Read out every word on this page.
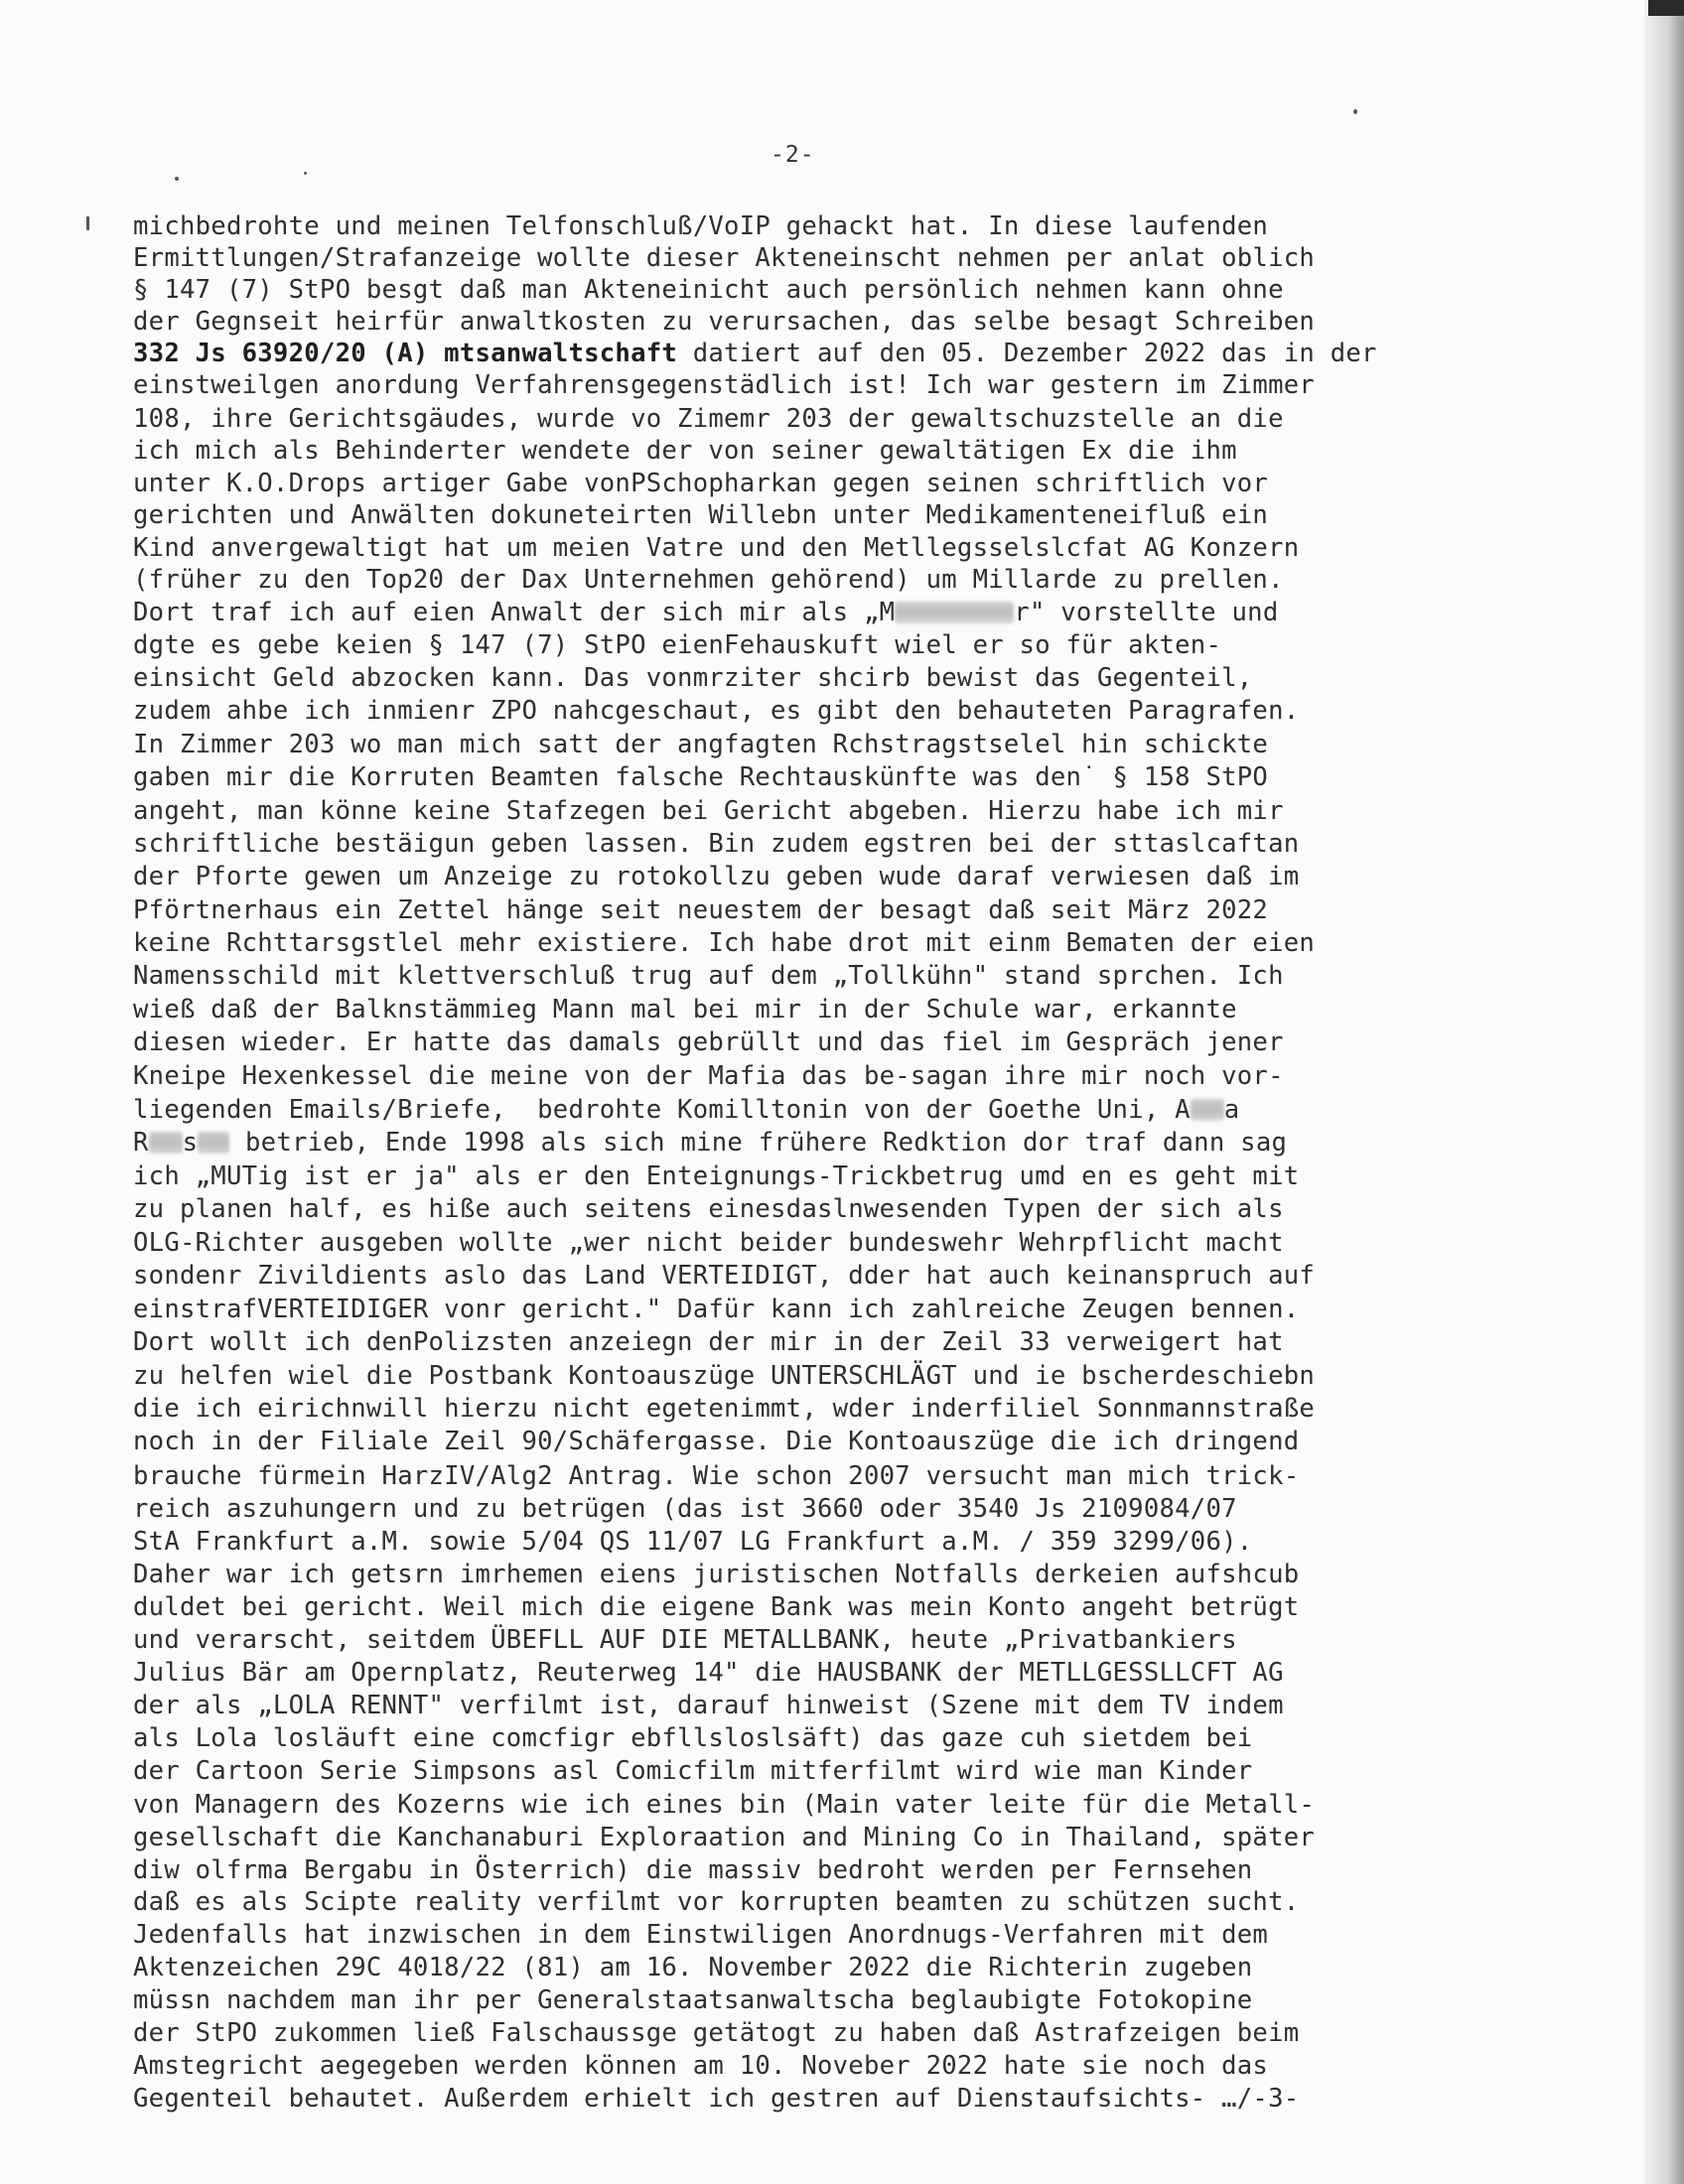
-2-
michbedrohte und meinen Telfonschluß/VoIP gehackt hat. In diese laufenden
Ermittlungen/Strafanzeige wollte dieser Akteneinscht nehmen per anlat oblich
§ 147 (7) StPO besgt daß man Akteneinicht auch persönlich nehmen kann ohne
der Gegnseit heirfür anwaltkosten zu verursachen, das selbe besagt Schreiben
332 Js 63920/20 (A) mtsanwaltschaft datiert auf den 05. Dezember 2022 das in der
einstweilgen anordung Verfahrensgegenstädlich ist! Ich war gestern im Zimmer
108, ihre Gerichtsgäudes, wurde vo Zimemr 203 der gewaltschuzstelle an die
ich mich als Behinderter wendete der von seiner gewaltätigen Ex die ihm
unter K.O.Drops artiger Gabe vonPSchopharkan gegen seinen schriftlich vor
gerichten und Anwälten dokuneteirten Willebn unter Medikamenteneifluß ein
Kind anvergewaltigt hat um meien Vatre und den Metllegsselslcfat AG Konzern
(früher zu den Top20 der Dax Unternehmen gehörend) um Millarde zu prellen.
Dort traf ich auf eien Anwalt der sich mir als „M	r" vorstellte und
dgte es gebe keien § 147 (7) StPO eienFehauskuft wiel er so für akten-
einsicht Geld abzocken kann. Das vonmrziter shcirb bewist das Gegenteil,
zudem ahbe ich inmienr ZPO nahcgeschaut, es gibt den behauteten Paragrafen.
In Zimmer 203 wo man mich satt der angfagten Rchstragstselel hin schickte
gaben mir die Korruten Beamten falsche Rechtauskünfte was den˙ § 158 StPO
angeht, man könne keine Stafzegen bei Gericht abgeben. Hierzu habe ich mir
schriftliche bestäigun geben lassen. Bin zudem egstren bei der sttaslcaftan
der Pforte gewen um Anzeige zu rotokollzu geben wude daraf verwiesen daß im
Pförtnerhaus ein Zettel hänge seit neuestem der besagt daß seit März 2022
keine Rchttarsgstlel mehr existiere. Ich habe drot mit einm Bematen der eien
Namensschild mit klettverschluß trug auf dem „Tollkühn" stand sprchen. Ich
wieß daß der Balknstämmieg Mann mal bei mir in der Schule war, erkannte
diesen wieder. Er hatte das damals gebrüllt und das fiel im Gespräch jener
Kneipe Hexenkessel die meine von der Mafia das be-sagan ihre mir noch vor-
liegenden Emails/Briefe,  bedrohte Komilltonin von der Goethe Uni, A a
R s betrieb, Ende 1998 als sich mine frühere Redktion dor traf dann sag
ich „MUTig ist er ja" als er den Enteignungs-Trickbetrug umd en es geht mit
zu planen half, es hiße auch seitens einesdaslnwesenden Typen der sich als
OLG-Richter ausgeben wollte „wer nicht beider bundeswehr Wehrpflicht macht
sondenr Zivildients aslo das Land VERTEIDIGT, dder hat auch keinanspruch auf
einstrafVERTEIDIGER vonr gericht." Dafür kann ich zahlreiche Zeugen bennen.
Dort wollt ich denPolizsten anzeiegn der mir in der Zeil 33 verweigert hat
zu helfen wiel die Postbank Kontoauszüge UNTERSCHLÄGT und ie bscherdeschiebn
die ich eirichnwill hierzu nicht egetenimmt, wder inderfiliel Sonnmannstraße
noch in der Filiale Zeil 90/Schäfergasse. Die Kontoauszüge die ich dringend
brauche fürmein HarzIV/Alg2 Antrag. Wie schon 2007 versucht man mich trick-
reich aszuhungern und zu betrügen (das ist 3660 oder 3540 Js 2109084/07
StA Frankfurt a.M. sowie 5/04 QS 11/07 LG Frankfurt a.M. / 359 3299/06).
Daher war ich getsrn imrhemen eiens juristischen Notfalls derkeien aufshcub
duldet bei gericht. Weil mich die eigene Bank was mein Konto angeht betrügt
und verarscht, seitdem ÜBEFLL AUF DIE METALLBANK, heute „Privatbankiers
Julius Bär am Opernplatz, Reuterweg 14" die HAUSBANK der METLLGESSLLCFT AG
der als „LOLA RENNT" verfilmt ist, darauf hinweist (Szene mit dem TV indem
als Lola losläuft eine comcfigr ebfllsloslsäft) das gaze cuh sietdem bei
der Cartoon Serie Simpsons asl Comicfilm mitferfilmt wird wie man Kinder
von Managern des Kozerns wie ich eines bin (Main vater leite für die Metall-
gesellschaft die Kanchanaburi Exploraation and Mining Co in Thailand, später
diw olfrma Bergabu in Österrich) die massiv bedroht werden per Fernsehen
daß es als Scipte reality verfilmt vor korrupten beamten zu schützen sucht.
Jedenfalls hat inzwischen in dem Einstwiligen Anordnugs-Verfahren mit dem
Aktenzeichen 29C 4018/22 (81) am 16. November 2022 die Richterin zugeben
müssn nachdem man ihr per Generalstaatsanwaltscha beglaubigte Fotokopine
der StPO zukommen ließ Falschaussge getätogt zu haben daß Astrafzeigen beim
Amstegricht aegegeben werden können am 10. Noveber 2022 hate sie noch das
Gegenteil behautet. Außerdem erhielt ich gestren auf Dienstaufsichts- …/-3-
